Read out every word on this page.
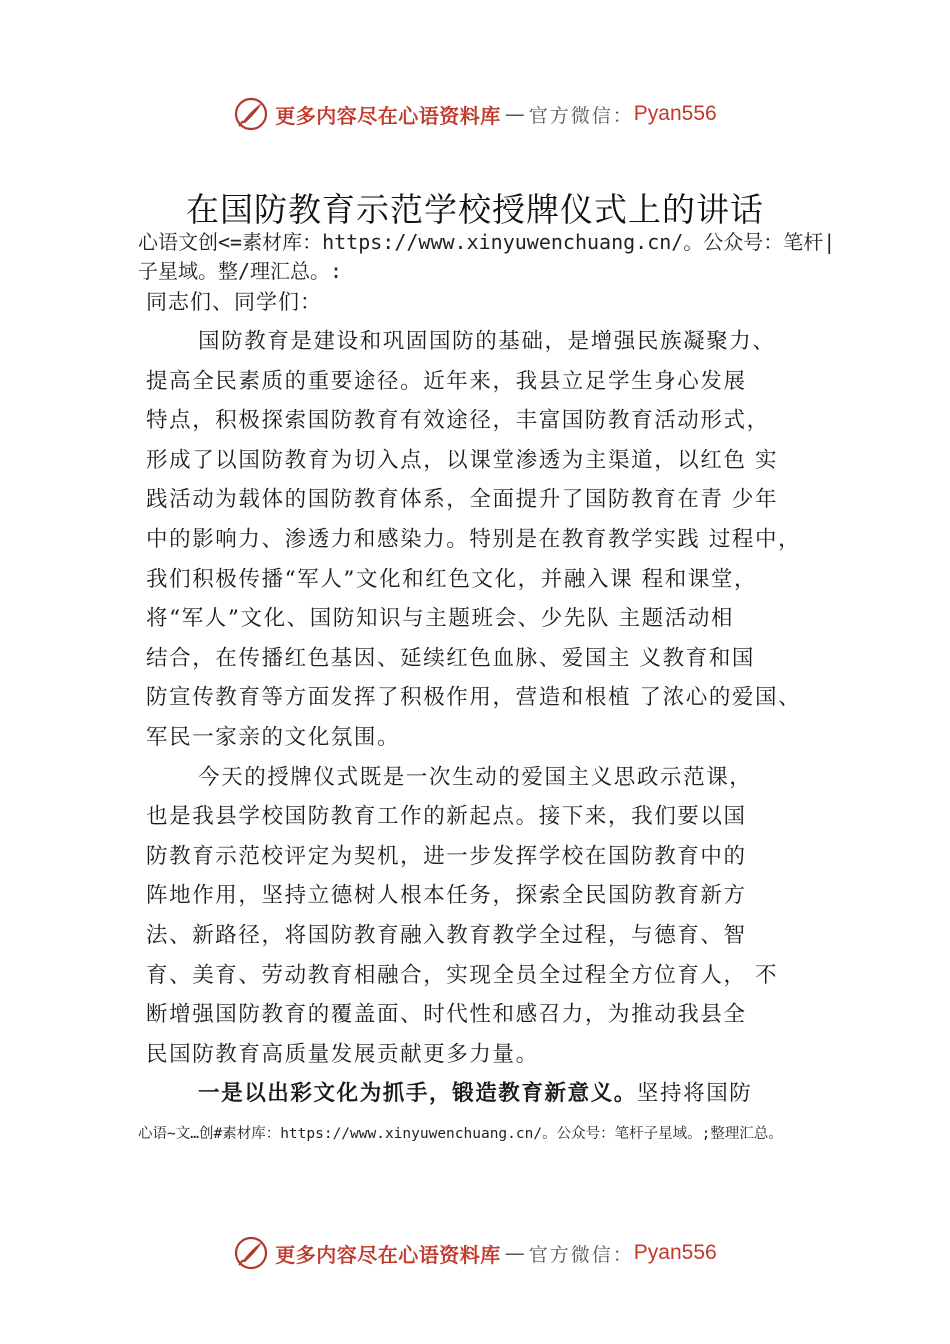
更多内容尽在心语资料库 — 官方微信： Pyan556
在国防教育示范学校授牌仪式上的讲话
心语文创<=素材库：https://www.xinyuwenchuang.cn/。公众号：笔杆|子星域。整/理汇总。:
同志们、同学们：
国防教育是建设和巩固国防的基础，是增强民族凝聚力、
提高全民素质的重要途径。近年来，我县立足学生身心发展
特点，积极探索国防教育有效途径，丰富国防教育活动形式，
形成了以国防教育为切入点，以课堂渗透为主渠道，以红色 实
践活动为载体的国防教育体系，全面提升了国防教育在青 少年
中的影响力、渗透力和感染力。特别是在教育教学实践 过程中，
我们积极传播“军人”文化和红色文化，并融入课 程和课堂，
将“军人”文化、国防知识与主题班会、少先队 主题活动相
结合，在传播红色基因、延续红色血脉、爱国主 义教育和国
防宣传教育等方面发挥了积极作用，营造和根植 了浓心的爱国、
军民一家亲的文化氛围。
今天的授牌仪式既是一次生动的爱国主义思政示范课，
也是我县学校国防教育工作的新起点。接下来，我们要以国
防教育示范校评定为契机，进一步发挥学校在国防教育中的
阵地作用，坚持立德树人根本任务，探索全民国防教育新方
法、新路径，将国防教育融入教育教学全过程，与德育、智
育、美育、劳动教育相融合，实现全员全过程全方位育人， 不
断增强国防教育的覆盖面、时代性和感召力，为推动我县全
民国防教育高质量发展贡献更多力量。
一是以出彩文化为抓手，锻造教育新意义。坚持将国防
心语~文…创#素材库：https://www.xinyuwenchuang.cn/。公众号：笔杆子星域。;整理汇总。
更多内容尽在心语资料库 — 官方微信： Pyan556
